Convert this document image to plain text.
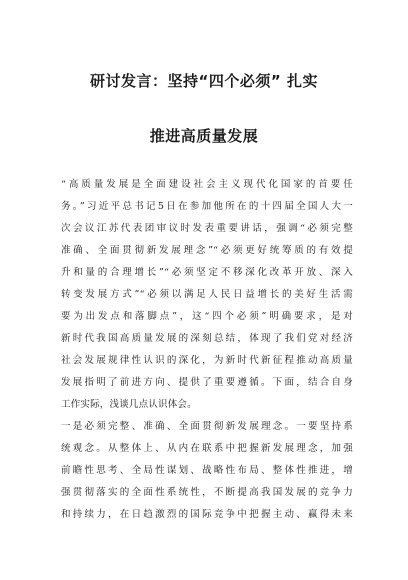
研讨发言：坚持“四个必须” 扎实
推进高质量发展
“高质量发展是全面建设社会主义现代化国家的首要任
务。”习近平总书记5日在参加他所在的十四届全国人大一
次会议江苏代表团审议时发表重要讲话，强调“必须完整
准确、全面贯彻新发展理念”“必须更好统筹质的有效提
升和量的合理增长”“必须坚定不移深化改革开放、深入
转变发展方式”“必须以满足人民日益增长的美好生活需
要为出发点和落脚点”，这“四个必须”明确要求，是对
新时代我国高质量发展的深刻总结，体现了我们党对经济
社会发展规律性认识的深化，为新时代新征程推动高质量
发展指明了前进方向、提供了重要遵循。下面，结合自身
工作实际，浅谈几点认识体会。
一是必须完整、准确、全面贯彻新发展理念。一要坚持系
统观念。从整体上、从内在联系中把握新发展理念，加强
前瞻性思考、全局性谋划、战略性布局、整体性推进，增
强贯彻落实的全面性系统性，不断提高我国发展的竞争力
和持续力，在日趋激烈的国际竞争中把握主动、赢得未来
